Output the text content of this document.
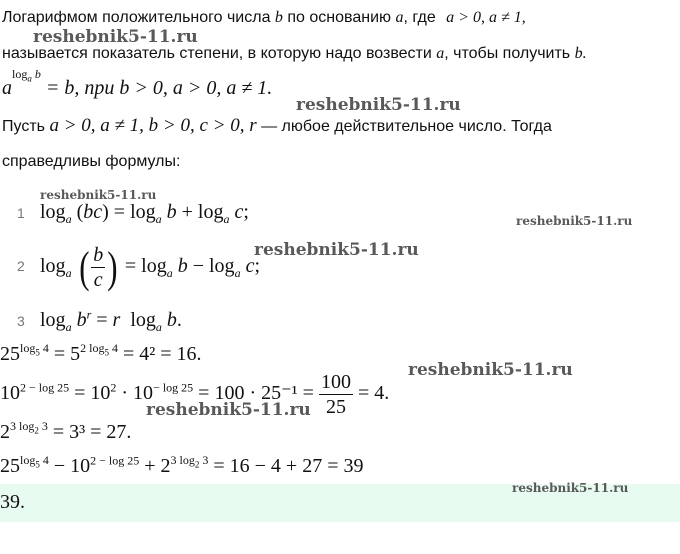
Логарифмом положительного числа b по основанию a, где a > 0, a ≠ 1,
называется показатель степени, в которую надо возвести a, чтобы получить b.
$a^{log_a b} = b$, при b > 0, a > 0, a ≠ 1.
Пусть a > 0, a ≠ 1, b > 0, c > 0, r — любое действительное число. Тогда
справедливы формулы:
1 $\log_a (bc) = \log_a b + \log_a c$;
2 $\log_a$ ( $\frac{b}{c}$ ) = $\log_a b - \log_a c$;
3 $\log_a b^r = r$ $\log_a b$.
$25^{log_5 4} = 5^{2 log_5 4} = 4^2 = 16$.
$10^{2 - log 25} = 10^2 \cdot 10^{- log 25} = 100 \cdot 25^{-1} = \frac{100}{25} = 4$.
$2^{3 log_2 3} = 3^3 = 27$.
$25^{log_5 4} - 10^{2 - log 25} + 2^{3 log_2 3} = 16 - 4 + 27 = 39$
39.
reshebnik5-11.ru
reshebnik5-11.ru
reshebnik5-11.ru
reshebnik5-11.ru
reshebnik5-11.ru
reshebnik5-11.ru
reshebnik5-11.ru
reshebnik5-11.ru
